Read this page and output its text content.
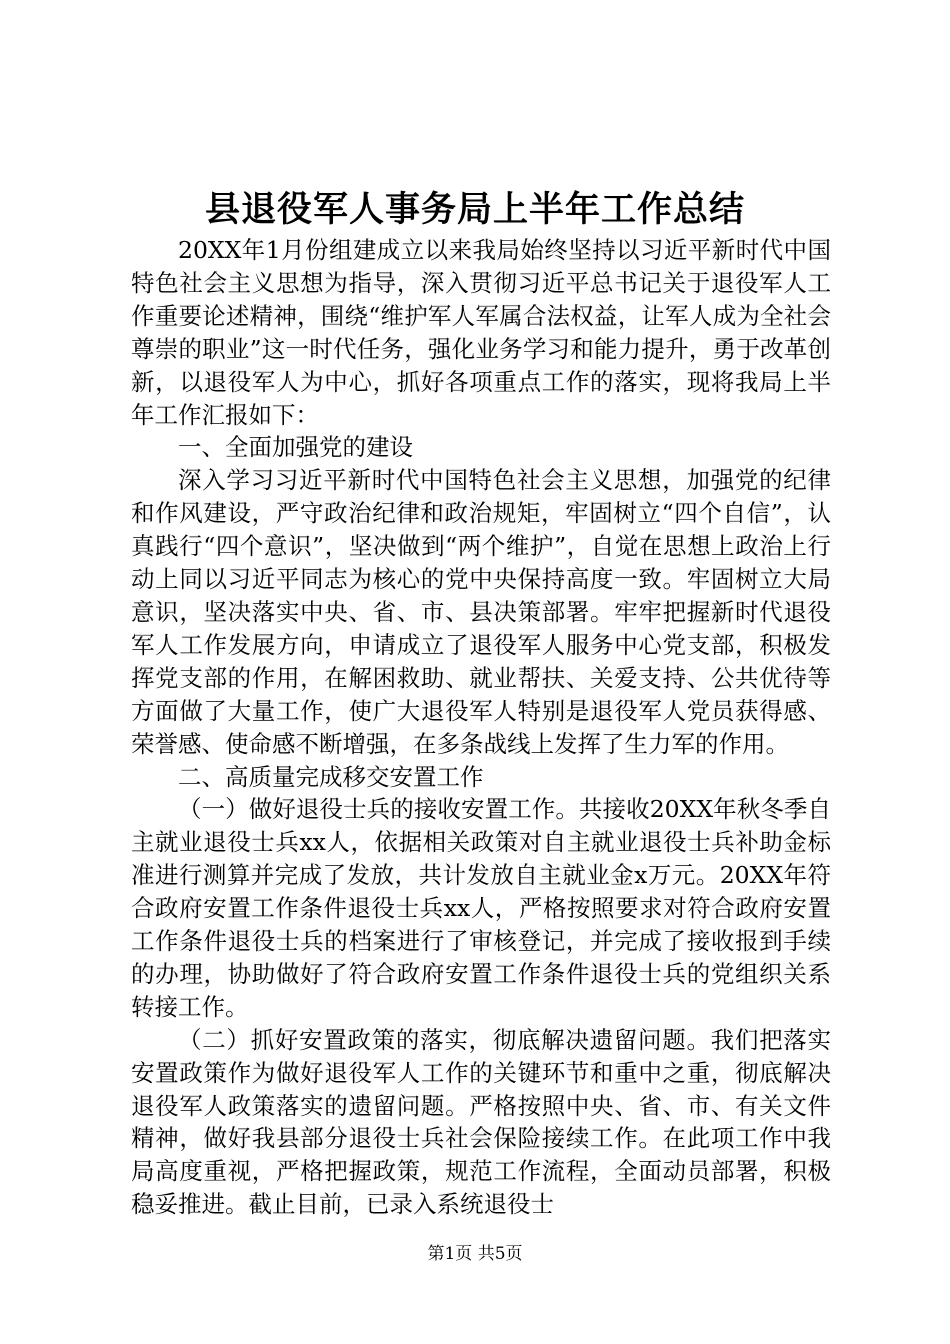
县退役军人事务局上半年工作总结

20XX年1月份组建成立以来我局始终坚持以习近平新时代中国特色社会主义思想为指导，深入贯彻习近平总书记关于退役军人工作重要论述精神，围绕“维护军人军属合法权益，让军人成为全社会尊崇的职业”这一时代任务，强化业务学习和能力提升，勇于改革创新，以退役军人为中心，抓好各项重点工作的落实，现将我局上半年工作汇报如下：

一、全面加强党的建设

深入学习习近平新时代中国特色社会主义思想，加强党的纪律和作风建设，严守政治纪律和政治规矩，牢固树立“四个自信”，认真践行“四个意识”，坚决做到“两个维护”，自觉在思想上政治上行动上同以习近平同志为核心的党中央保持高度一致。牢固树立大局意识，坚决落实中央、省、市、县决策部署。牢牢把握新时代退役军人工作发展方向，申请成立了退役军人服务中心党支部，积极发挥党支部的作用，在解困救助、就业帮扶、关爱支持、公共优待等方面做了大量工作，使广大退役军人特别是退役军人党员获得感、荣誉感、使命感不断增强，在多条战线上发挥了生力军的作用。

二、高质量完成移交安置工作

（一）做好退役士兵的接收安置工作。共接收20XX年秋冬季自主就业退役士兵xx人，依据相关政策对自主就业退役士兵补助金标准进行测算并完成了发放，共计发放自主就业金x万元。20XX年符合政府安置工作条件退役士兵xx人，严格按照要求对符合政府安置工作条件退役士兵的档案进行了审核登记，并完成了接收报到手续的办理，协助做好了符合政府安置工作条件退役士兵的党组织关系转接工作。

（二）抓好安置政策的落实，彻底解决遗留问题。我们把落实安置政策作为做好退役军人工作的关键环节和重中之重，彻底解决退役军人政策落实的遗留问题。严格按照中央、省、市、有关文件精神，做好我县部分退役士兵社会保险接续工作。在此项工作中我局高度重视，严格把握政策，规范工作流程，全面动员部署，积极稳妥推进。截止目前，已录入系统退役士

第1页 共5页
